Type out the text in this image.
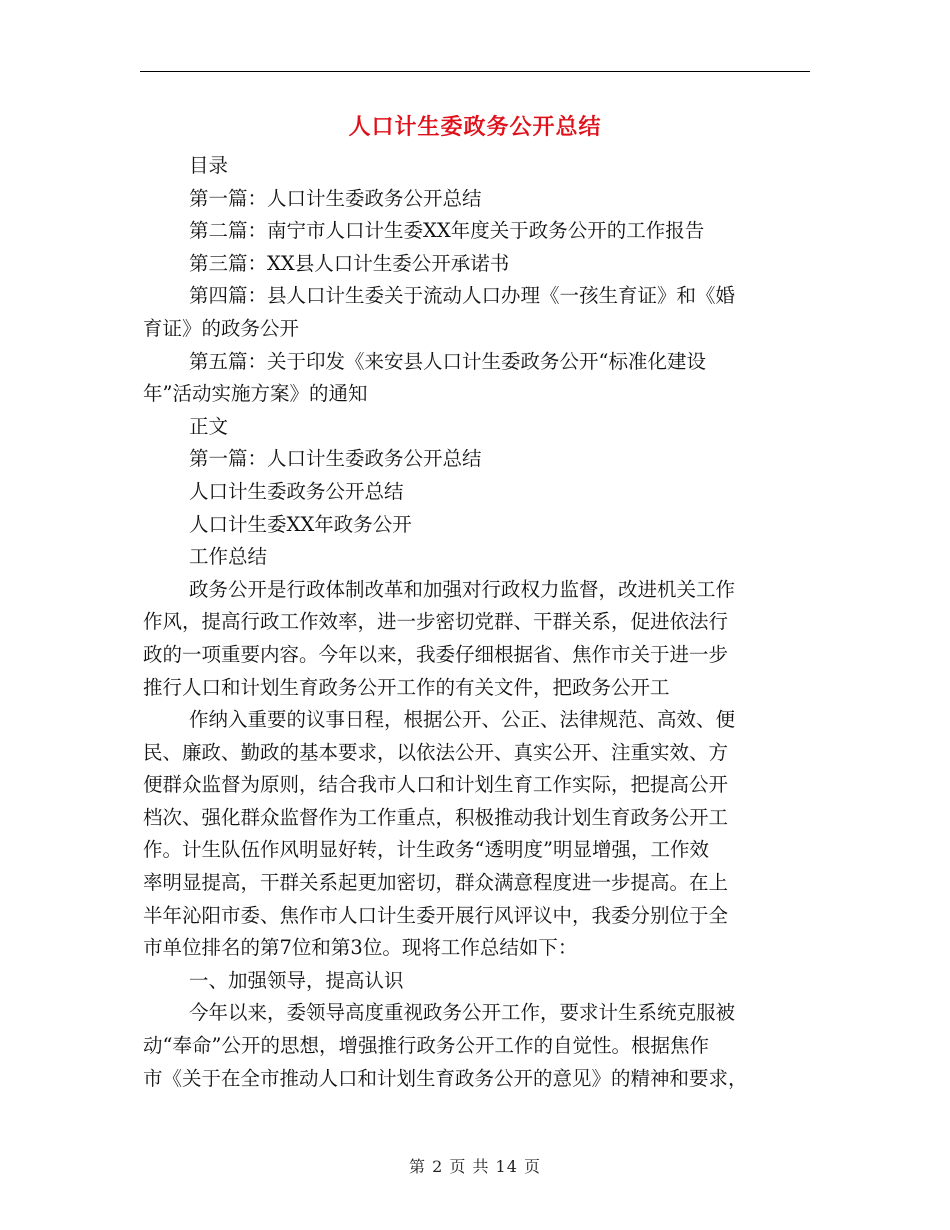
人口计生委政务公开总结

目录

第一篇：人口计生委政务公开总结

第二篇：南宁市人口计生委XX年度关于政务公开的工作报告

第三篇：XX县人口计生委公开承诺书

第四篇：县人口计生委关于流动人口办理《一孩生育证》和《婚

育证》的政务公开

第五篇：关于印发《来安县人口计生委政务公开“标准化建设

年”活动实施方案》的通知

正文

第一篇：人口计生委政务公开总结

人口计生委政务公开总结

人口计生委XX年政务公开

工作总结

政务公开是行政体制改革和加强对行政权力监督，改进机关工作

作风，提高行政工作效率，进一步密切党群、干群关系，促进依法行

政的一项重要内容。今年以来，我委仔细根据省、焦作市关于进一步

推行人口和计划生育政务公开工作的有关文件，把政务公开工

作纳入重要的议事日程，根据公开、公正、法律规范、高效、便

民、廉政、勤政的基本要求，以依法公开、真实公开、注重实效、方

便群众监督为原则，结合我市人口和计划生育工作实际，把提高公开

档次、强化群众监督作为工作重点，积极推动我计划生育政务公开工

作。计生队伍作风明显好转，计生政务“透明度”明显增强，工作效

率明显提高，干群关系起更加密切，群众满意程度进一步提高。在上

半年沁阳市委、焦作市人口计生委开展行风评议中，我委分别位于全

市单位排名的第7位和第3位。现将工作总结如下：

一、加强领导，提高认识

今年以来，委领导高度重视政务公开工作，要求计生系统克服被

动“奉命”公开的思想，增强推行政务公开工作的自觉性。根据焦作

市《关于在全市推动人口和计划生育政务公开的意见》的精神和要求，

第 2 页 共 14 页
